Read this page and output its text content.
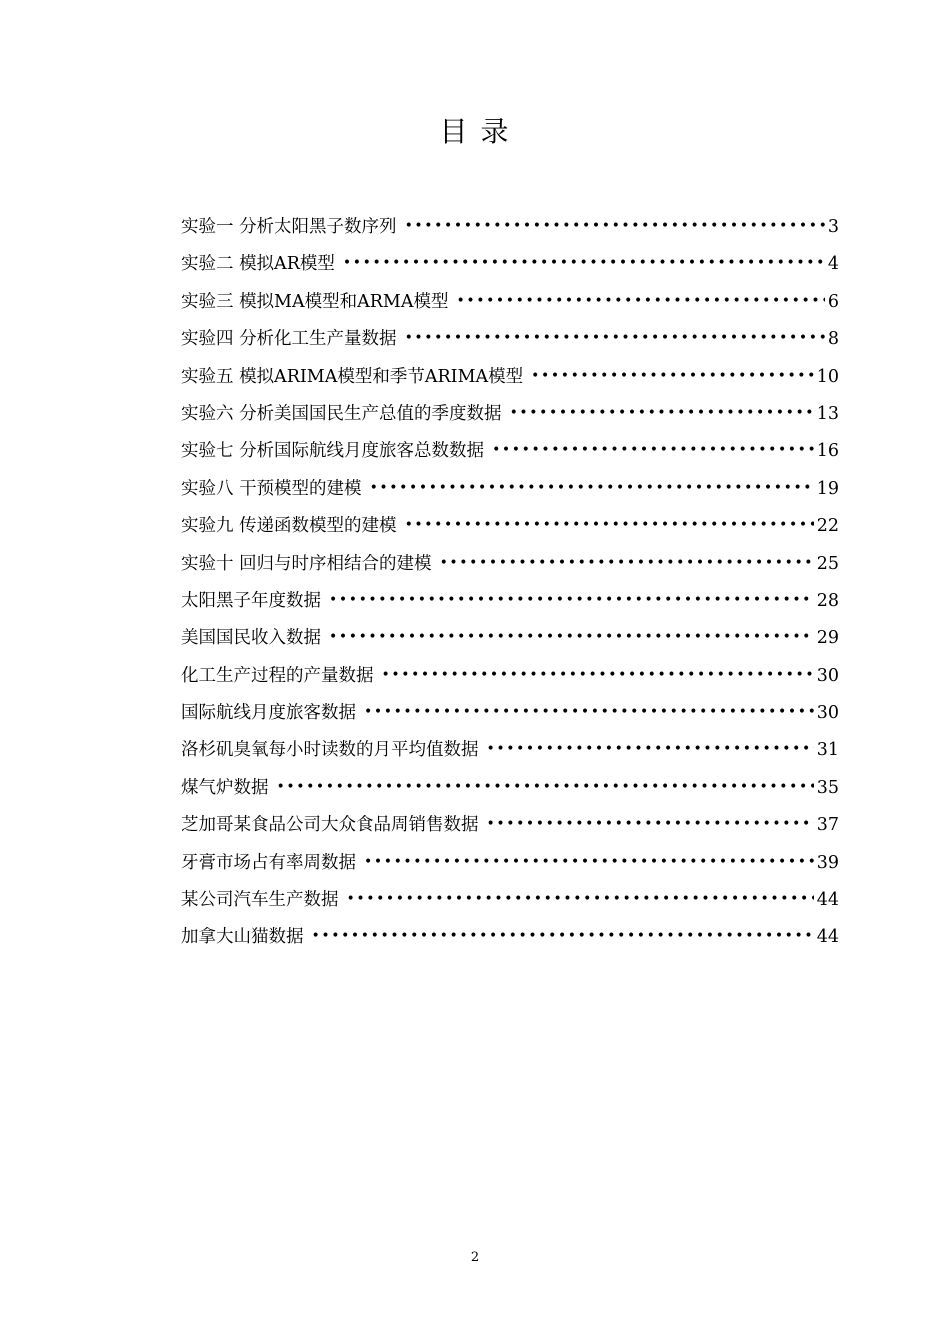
目 录
实验一 分析太阳黑子数序列 •••••	3
实验二 模拟AR模型 •••••	4
实验三 模拟MA模型和ARMA模型 •••••	6
实验四 分析化工生产量数据 •••••	8
实验五 模拟ARIMA模型和季节ARIMA模型 •••••	10
实验六 分析美国国民生产总值的季度数据 •••••	13
实验七 分析国际航线月度旅客总数数据 •••••	16
实验八 干预模型的建模 •••••	19
实验九 传递函数模型的建模 •••••	22
实验十 回归与时序相结合的建模 •••••	25
太阳黑子年度数据 •••••	28
美国国民收入数据 •••••	29
化工生产过程的产量数据 •••••	30
国际航线月度旅客数据 •••••	30
洛杉矶臭氧每小时读数的月平均值数据 •••••	31
煤气炉数据 •••••	35
芝加哥某食品公司大众食品周销售数据 •••••	37
牙膏市场占有率周数据 •••••	39
某公司汽车生产数据 •••••	44
加拿大山猫数据 •••••	44
2
